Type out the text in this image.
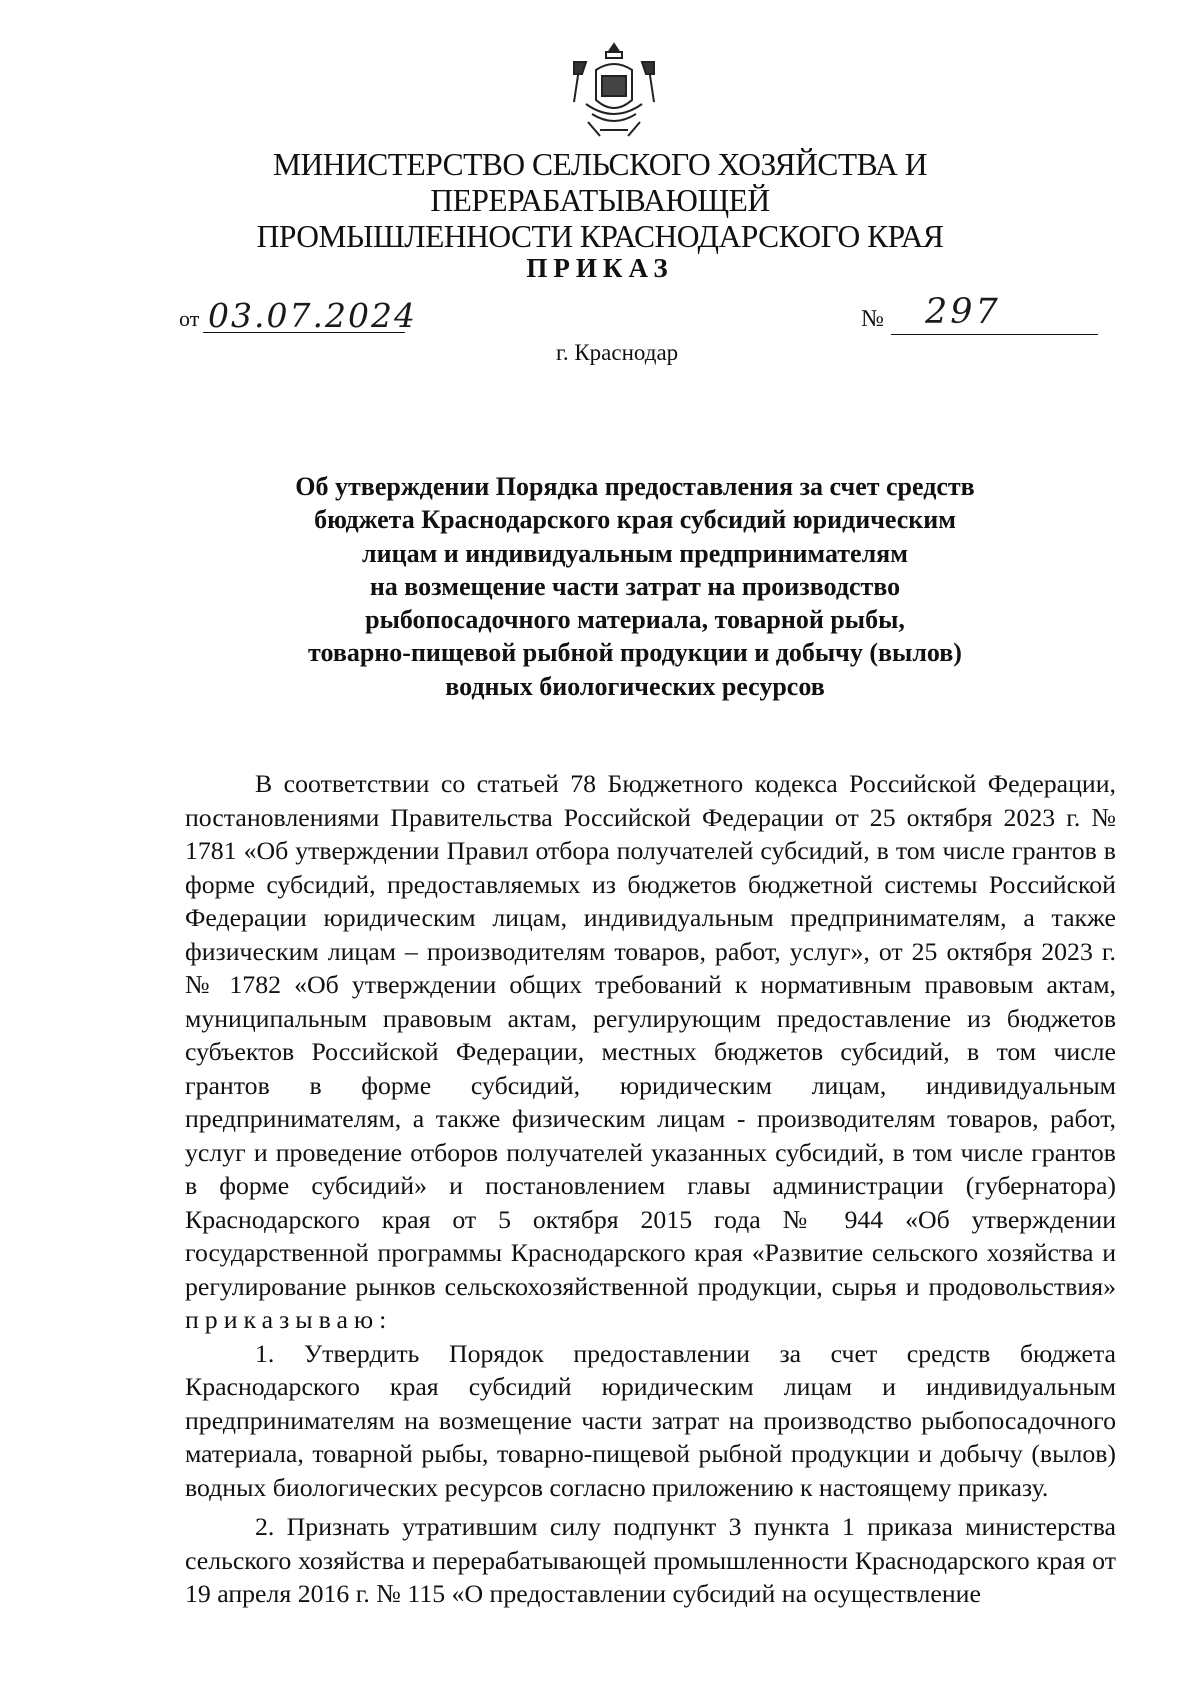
МИНИСТЕРСТВО СЕЛЬСКОГО ХОЗЯЙСТВА И ПЕРЕРАБАТЫВАЮЩЕЙ
ПРОМЫШЛЕННОСТИ КРАСНОДАРСКОГО КРАЯ
ПРИКАЗ
от 03.07.2024	№ 297
г. Краснодар
Об утверждении Порядка предоставления за счет средств
бюджета Краснодарского края субсидий юридическим
лицам и индивидуальным предпринимателям
на возмещение части затрат на производство
рыбопосадочного материала, товарной рыбы,
товарно-пищевой рыбной продукции и добычу (вылов)
водных биологических ресурсов

В соответствии со статьей 78 Бюджетного кодекса Российской Федерации, постановлениями Правительства Российской Федерации от 25 октября 2023 г. № 1781 «Об утверждении Правил отбора получателей субсидий, в том числе грантов в форме субсидий, предоставляемых из бюджетов бюджетной системы Российской Федерации юридическим лицам, индивидуальным предпринимателям, а также физическим лицам – производителям товаров, работ, услуг», от 25 октября 2023 г. № 1782 «Об утверждении общих требований к нормативным правовым актам, муниципальным правовым актам, регулирующим предоставление из бюджетов субъектов Российской Федерации, местных бюджетов субсидий, в том числе грантов в форме субсидий, юридическим лицам, индивидуальным предпринимателям, а также физическим лицам - производителям товаров, работ, услуг и проведение отборов получателей указанных субсидий, в том числе грантов в форме субсидий» и постановлением главы администрации (губернатора) Краснодарского края от 5 октября 2015 года № 944 «Об утверждении государственной программы Краснодарского края «Развитие сельского хозяйства и регулирование рынков сельскохозяйственной продукции, сырья и продовольствия» приказываю:

1. Утвердить Порядок предоставлении за счет средств бюджета Краснодарского края субсидий юридическим лицам и индивидуальным предпринимателям на возмещение части затрат на производство рыбопосадочного материала, товарной рыбы, товарно-пищевой рыбной продукции и добычу (вылов) водных биологических ресурсов согласно приложению к настоящему приказу.

2. Признать утратившим силу подпункт 3 пункта 1 приказа министерства сельского хозяйства и перерабатывающей промышленности Краснодарского края от 19 апреля 2016 г. № 115 «О предоставлении субсидий на осуществление
